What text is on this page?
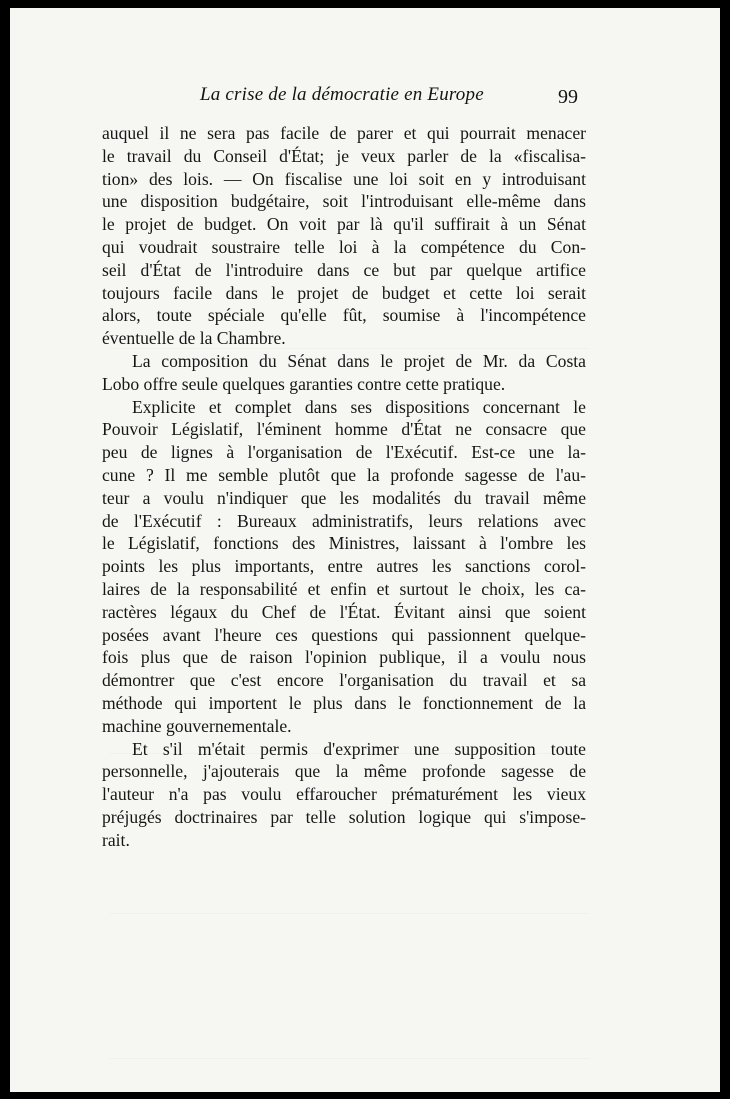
La crise de la démocratie en Europe	99

auquel il ne sera pas facile de parer et qui pourrait menacer
le travail du Conseil d'État; je veux parler de la «fiscalisa-
tion» des lois. — On fiscalise une loi soit en y introduisant
une disposition budgétaire, soit l'introduisant elle-même dans
le projet de budget. On voit par là qu'il suffirait à un Sénat
qui voudrait soustraire telle loi à la compétence du Con-
seil d'État de l'introduire dans ce but par quelque artifice
toujours facile dans le projet de budget et cette loi serait
alors, toute spéciale qu'elle fût, soumise à l'incompétence
éventuelle de la Chambre.

La composition du Sénat dans le projet de Mr. da Costa
Lobo offre seule quelques garanties contre cette pratique.

Explicite et complet dans ses dispositions concernant le
Pouvoir Législatif, l'éminent homme d'État ne consacre que
peu de lignes à l'organisation de l'Exécutif. Est-ce une la-
cune ? Il me semble plutôt que la profonde sagesse de l'au-
teur a voulu n'indiquer que les modalités du travail même
de l'Exécutif : Bureaux administratifs, leurs relations avec
le Législatif, fonctions des Ministres, laissant à l'ombre les
points les plus importants, entre autres les sanctions corol-
laires de la responsabilité et enfin et surtout le choix, les ca-
ractères légaux du Chef de l'État. Évitant ainsi que soient
posées avant l'heure ces questions qui passionnent quelque-
fois plus que de raison l'opinion publique, il a voulu nous
démontrer que c'est encore l'organisation du travail et sa
méthode qui importent le plus dans le fonctionnement de la
machine gouvernementale.

Et s'il m'était permis d'exprimer une supposition toute
personnelle, j'ajouterais que la même profonde sagesse de
l'auteur n'a pas voulu effaroucher prématurément les vieux
préjugés doctrinaires par telle solution logique qui s'impose-
rait.
